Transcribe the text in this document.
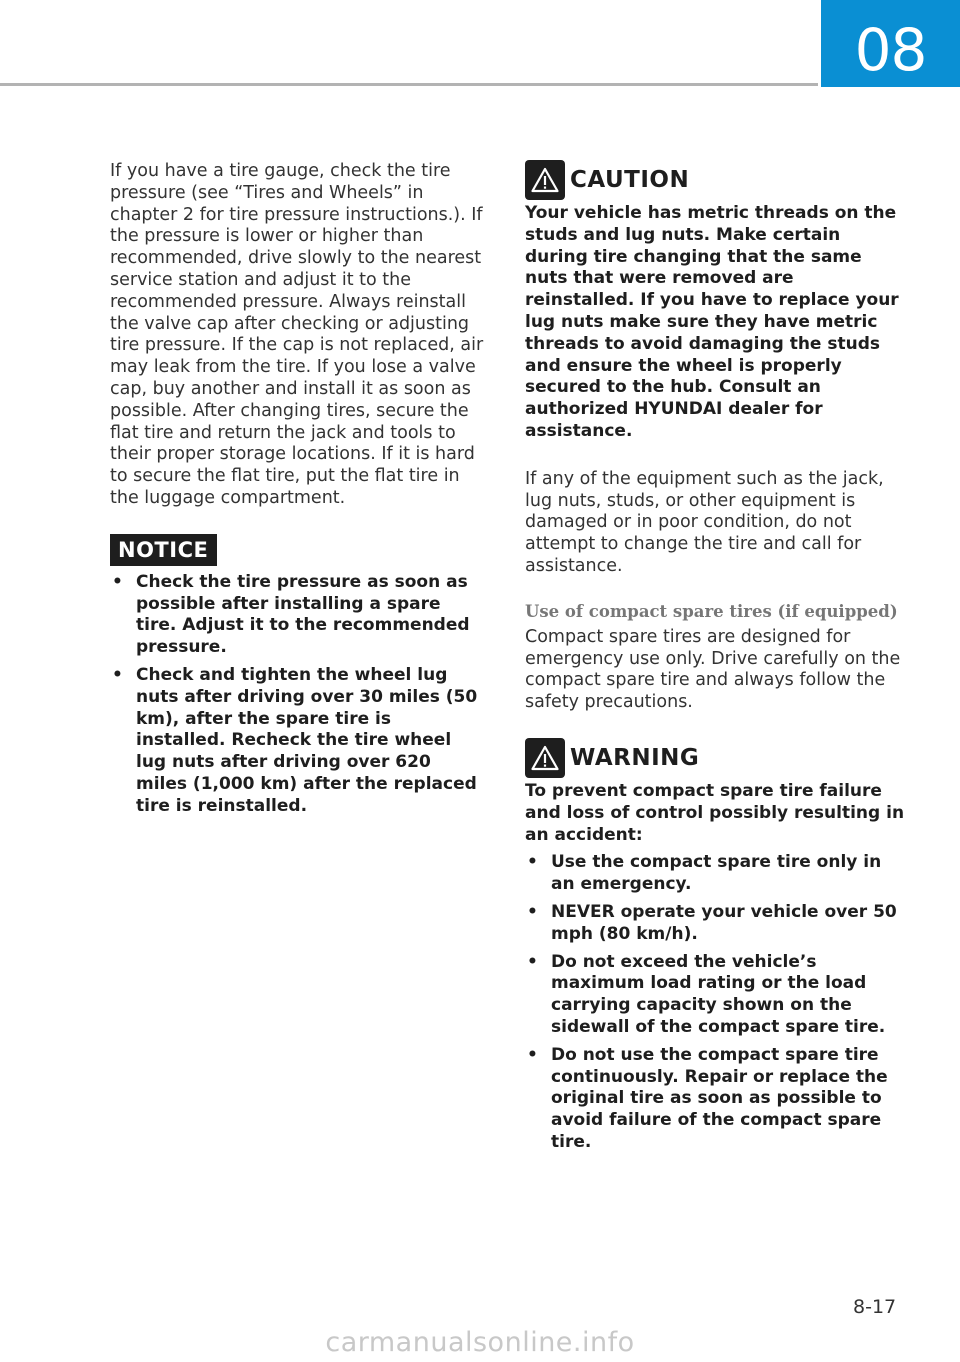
08

If you have a tire gauge, check the tire pressure (see “Tires and Wheels” in chapter 2 for tire pressure instructions.). If the pressure is lower or higher than recommended, drive slowly to the nearest service station and adjust it to the recommended pressure. Always reinstall the valve cap after checking or adjusting tire pressure. If the cap is not replaced, air may leak from the tire. If you lose a valve cap, buy another and install it as soon as possible. After changing tires, secure the flat tire and return the jack and tools to their proper storage locations. If it is hard to secure the flat tire, put the flat tire in the luggage compartment.

NOTICE
• Check the tire pressure as soon as possible after installing a spare tire. Adjust it to the recommended pressure.
• Check and tighten the wheel lug nuts after driving over 30 miles (50 km), after the spare tire is installed. Recheck the tire wheel lug nuts after driving over 620 miles (1,000 km) after the replaced tire is reinstalled.
CAUTION

Your vehicle has metric threads on the studs and lug nuts. Make certain during tire changing that the same nuts that were removed are reinstalled. If you have to replace your lug nuts make sure they have metric threads to avoid damaging the studs and ensure the wheel is properly secured to the hub. Consult an authorized HYUNDAI dealer for assistance.

If any of the equipment such as the jack, lug nuts, studs, or other equipment is damaged or in poor condition, do not attempt to change the tire and call for assistance.

Use of compact spare tires (if equipped)

Compact spare tires are designed for emergency use only. Drive carefully on the compact spare tire and always follow the safety precautions.

WARNING

To prevent compact spare tire failure and loss of control possibly resulting in an accident:

• Use the compact spare tire only in an emergency.
• NEVER operate your vehicle over 50 mph (80 km/h).
• Do not exceed the vehicle’s maximum load rating or the load carrying capacity shown on the sidewall of the compact spare tire.
• Do not use the compact spare tire continuously. Repair or replace the original tire as soon as possible to avoid failure of the compact spare tire.
8-17
carmanualsonline.info
